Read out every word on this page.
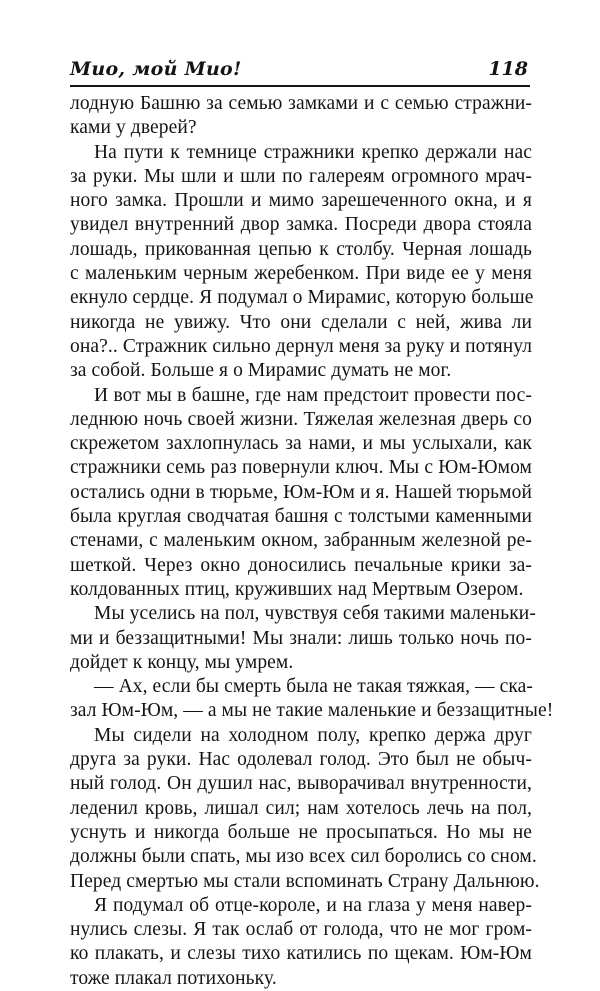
Мио, мой Мио!	118

лодную Башню за семью замками и с семью стражни-
ками у дверей?

На пути к темнице стражники крепко держали нас
за руки. Мы шли и шли по галереям огромного мрач-
ного замка. Прошли и мимо зарешеченного окна, и я
увидел внутренний двор замка. Посреди двора стояла
лошадь, прикованная цепью к столбу. Черная лошадь
с маленьким черным жеребенком. При виде ее у меня
екнуло сердце. Я подумал о Мирамис, которую больше
никогда не увижу. Что они сделали с ней, жива ли
она?.. Стражник сильно дернул меня за руку и потянул
за собой. Больше я о Мирамис думать не мог.

И вот мы в башне, где нам предстоит провести пос-
леднюю ночь своей жизни. Тяжелая железная дверь со
скрежетом захлопнулась за нами, и мы услыхали, как
стражники семь раз повернули ключ. Мы с Юм-Юмом
остались одни в тюрьме, Юм-Юм и я. Нашей тюрьмой
была круглая сводчатая башня с толстыми каменными
стенами, с маленьким окном, забранным железной ре-
шеткой. Через окно доносились печальные крики за-
колдованных птиц, круживших над Мертвым Озером.

Мы уселись на пол, чувствуя себя такими маленьки-
ми и беззащитными! Мы знали: лишь только ночь по-
дойдет к концу, мы умрем.

— Ах, если бы смерть была не такая тяжкая, — ска-
зал Юм-Юм, — а мы не такие маленькие и беззащитные!

Мы сидели на холодном полу, крепко держа друг
друга за руки. Нас одолевал голод. Это был не обыч-
ный голод. Он душил нас, выворачивал внутренности,
леденил кровь, лишал сил; нам хотелось лечь на пол,
уснуть и никогда больше не просыпаться. Но мы не
должны были спать, мы изо всех сил боролись со сном.
Перед смертью мы стали вспоминать Страну Дальнюю.

Я подумал об отце-короле, и на глаза у меня навер-
нулись слезы. Я так ослаб от голода, что не мог гром-
ко плакать, и слезы тихо катились по щекам. Юм-Юм
тоже плакал потихоньку.
